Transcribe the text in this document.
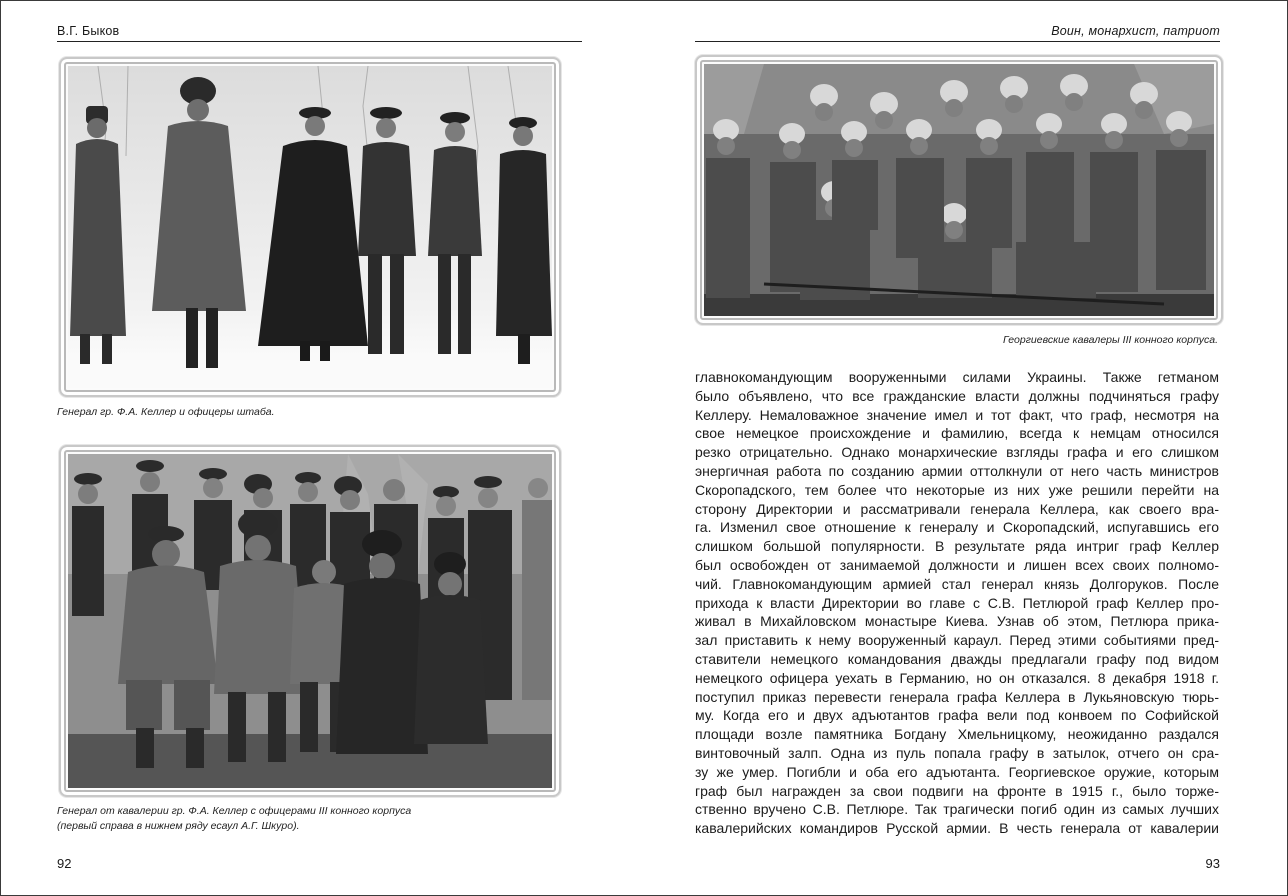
В.Г. Быков
Генерал гр. Ф.А. Келлер и офицеры штаба.
Генерал от кавалерии гр. Ф.А. Келлер с офицерами III конного корпуса
(первый справа в нижнем ряду есаул А.Г. Шкуро).
92
Воин, монархист, патриот
Георгиевские кавалеры III конного корпуса.
главнокомандующим вооруженными силами Украины. Также гетманом
было объявлено, что все гражданские власти должны подчиняться графу
Келлеру. Немаловажное значение имел и тот факт, что граф, несмотря на
свое немецкое происхождение и фамилию, всегда к немцам относился
резко отрицательно. Однако монархические взгляды графа и его слишком
энергичная работа по созданию армии оттолкнули от него часть министров
Скоропадского, тем более что некоторые из них уже решили перейти на
сторону Директории и рассматривали генерала Келлера, как своего вра-
га. Изменил свое отношение к генералу и Скоропадский, испугавшись его
слишком большой популярности. В результате ряда интриг граф Келлер
был освобожден от занимаемой должности и лишен всех своих полномо-
чий. Главнокомандующим армией стал генерал князь Долгоруков. После
прихода к власти Директории во главе с С.В. Петлюрой граф Келлер про-
живал в Михайловском монастыре Киева. Узнав об этом, Петлюра прика-
зал приставить к нему вооруженный караул. Перед этими событиями пред-
ставители немецкого командования дважды предлагали графу под видом
немецкого офицера уехать в Германию, но он отказался. 8 декабря 1918 г.
поступил приказ перевести генерала графа Келлера в Лукьяновскую тюрь-
му. Когда его и двух адъютантов графа вели под конвоем по Софийской
площади возле памятника Богдану Хмельницкому, неожиданно раздался
винтовочный залп. Одна из пуль попала графу в затылок, отчего он сра-
зу же умер. Погибли и оба его адъютанта. Георгиевское оружие, которым
граф был награжден за свои подвиги на фронте в 1915 г., было торже-
ственно вручено С.В. Петлюре. Так трагически погиб один из самых лучших
кавалерийских командиров Русской армии. В честь генерала от кавалерии
93
